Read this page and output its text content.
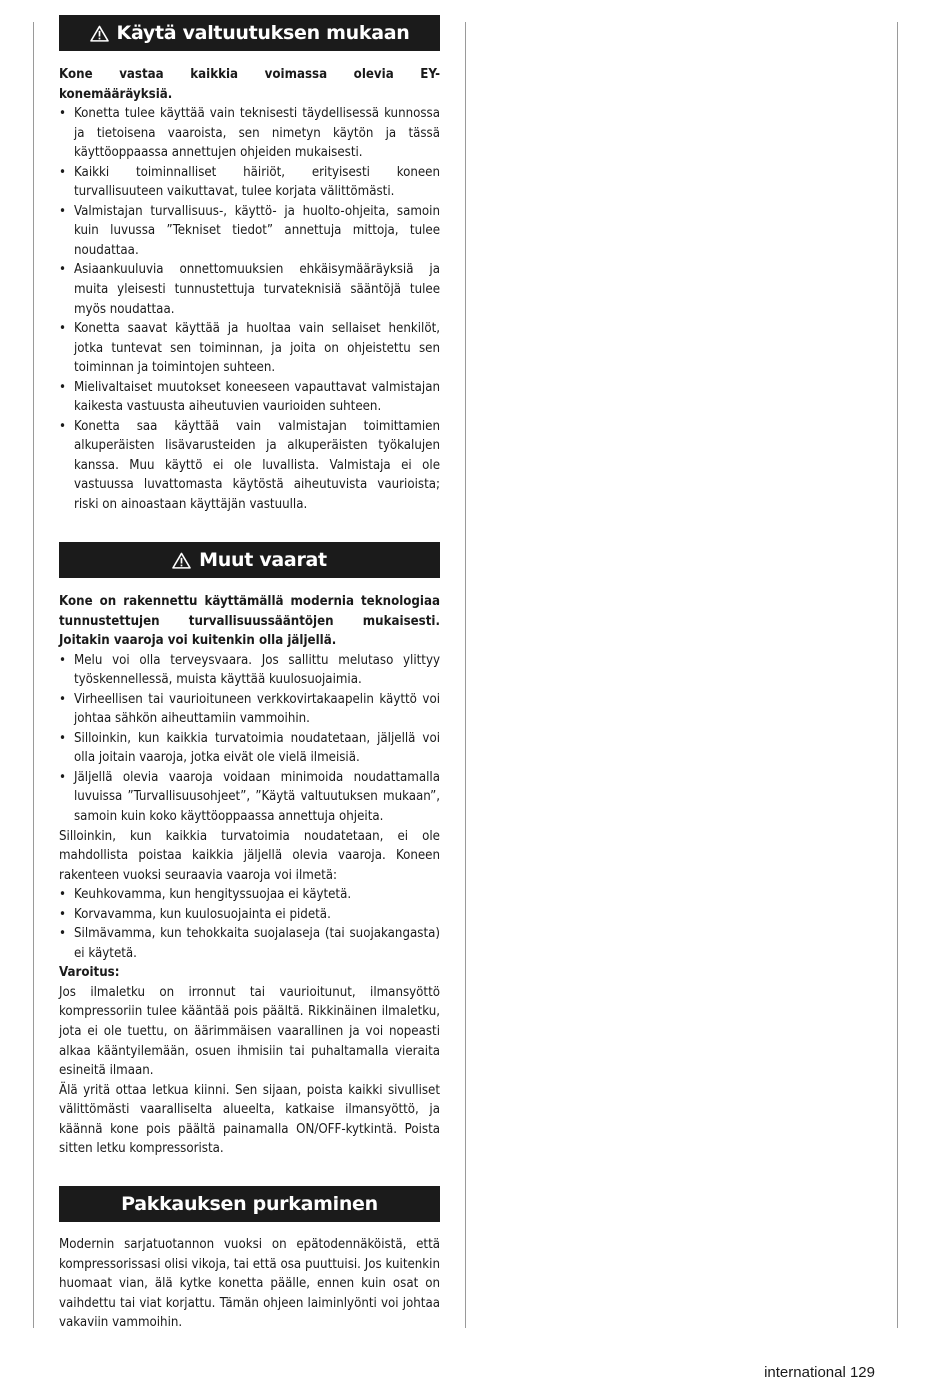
Käytä valtuutuksen mukaan
Kone vastaa kaikkia voimassa olevia EY-konemääräyksiä.
• Konetta tulee käyttää vain teknisesti täydellisessä kunnossa ja tietoisena vaaroista, sen nimetyn käytön ja tässä käyttöoppaassa annettujen ohjeiden mukaisesti.
• Kaikki toiminnalliset häiriöt, erityisesti koneen turvallisuuteen vaikuttavat, tulee korjata välittömästi.
• Valmistajan turvallisuus-, käyttö- ja huolto-ohjeita, samoin kuin luvussa ”Tekniset tiedot” annettuja mittoja, tulee noudattaa.
• Asiaankuuluvia onnettomuuksien ehkäisymääräyksiä ja muita yleisesti tunnustettuja turvateknisiä sääntöjä tulee myös noudattaa.
• Konetta saavat käyttää ja huoltaa vain sellaiset henkilöt, jotka tuntevat sen toiminnan, ja joita on ohjeistettu sen toiminnan ja toimintojen suhteen.
• Mielivaltaiset muutokset koneeseen vapauttavat valmistajan kaikesta vastuusta aiheutuvien vaurioiden suhteen.
• Konetta saa käyttää vain valmistajan toimittamien alkuperäisten lisävarusteiden ja alkuperäisten työkalujen kanssa. Muu käyttö ei ole luvallista. Valmistaja ei ole vastuussa luvattomasta käytöstä aiheutuvista vaurioista; riski on ainoastaan käyttäjän vastuulla.
Muut vaarat
Kone on rakennettu käyttämällä modernia teknologiaa tunnustettujen turvallisuussääntöjen mukaisesti. Joitakin vaaroja voi kuitenkin olla jäljellä.
• Melu voi olla terveysvaara. Jos sallittu melutaso ylittyy työskennellessä, muista käyttää kuulosuojaimia.
• Virheellisen tai vaurioituneen verkkovirtakaapelin käyttö voi johtaa sähkön aiheuttamiin vammoihin.
• Silloinkin, kun kaikkia turvatoimia noudatetaan, jäljellä voi olla joitain vaaroja, jotka eivät ole vielä ilmeisiä.
• Jäljellä olevia vaaroja voidaan minimoida noudattamalla luvuissa ”Turvallisuusohjeet”, ”Käytä valtuutuksen mukaan”, samoin kuin koko käyttöoppaassa annettuja ohjeita.
Silloinkin, kun kaikkia turvatoimia noudatetaan, ei ole mahdollista poistaa kaikkia jäljellä olevia vaaroja. Koneen rakenteen vuoksi seuraavia vaaroja voi ilmetä:
• Keuhkovamma, kun hengityssuojaa ei käytetä.
• Korvavamma, kun kuulosuojainta ei pidetä.
• Silmävamma, kun tehokkaita suojalaseja (tai suojakangasta) ei käytetä.
Varoitus:
Jos ilmaletku on irronnut tai vaurioitunut, ilmansyöttö kompressoriin tulee kääntää pois päältä. Rikkinäinen ilmaletku, jota ei ole tuettu, on äärimmäisen vaarallinen ja voi nopeasti alkaa kääntyilemään, osuen ihmisiin tai puhaltamalla vieraita esineitä ilmaan.
Älä yritä ottaa letkua kiinni. Sen sijaan, poista kaikki sivulliset välittömästi vaaralliselta alueelta, katkaise ilmansyöttö, ja käännä kone pois päältä painamalla ON/OFF-kytkintä. Poista sitten letku kompressorista.
Pakkauksen purkaminen
Modernin sarjatuotannon vuoksi on epätodennäköistä, että kompressorissasi olisi vikoja, tai että osa puuttuisi. Jos kuitenkin huomaat vian, älä kytke konetta päälle, ennen kuin osat on vaihdettu tai viat korjattu. Tämän ohjeen laiminlyönti voi johtaa vakaviin vammoihin.
international 129
